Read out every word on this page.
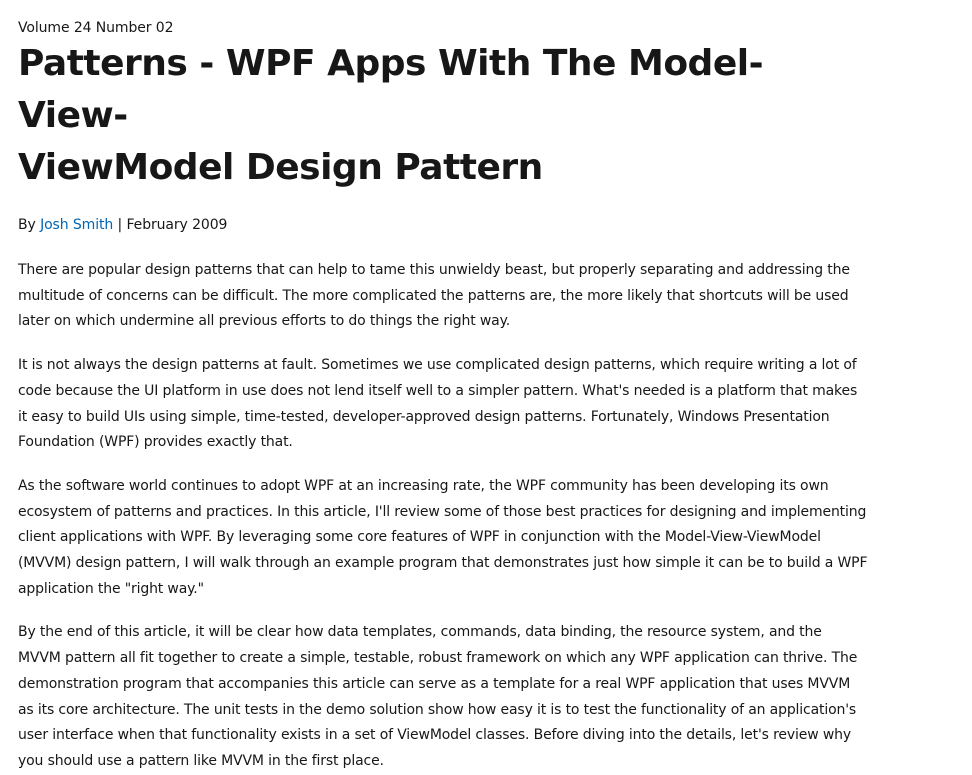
Volume 24 Number 02

Patterns - WPF Apps With The Model-View-
ViewModel Design Pattern

By Josh Smith | February 2009

There are popular design patterns that can help to tame this unwieldy beast, but properly separating and addressing the multitude of concerns can be difficult. The more complicated the patterns are, the more likely that shortcuts will be used later on which undermine all previous efforts to do things the right way.

It is not always the design patterns at fault. Sometimes we use complicated design patterns, which require writing a lot of code because the UI platform in use does not lend itself well to a simpler pattern. What's needed is a platform that makes it easy to build UIs using simple, time-tested, developer-approved design patterns. Fortunately, Windows Presentation Foundation (WPF) provides exactly that.

As the software world continues to adopt WPF at an increasing rate, the WPF community has been developing its own ecosystem of patterns and practices. In this article, I'll review some of those best practices for designing and implementing client applications with WPF. By leveraging some core features of WPF in conjunction with the Model-View-ViewModel (MVVM) design pattern, I will walk through an example program that demonstrates just how simple it can be to build a WPF application the "right way."

By the end of this article, it will be clear how data templates, commands, data binding, the resource system, and the MVVM pattern all fit together to create a simple, testable, robust framework on which any WPF application can thrive. The demonstration program that accompanies this article can serve as a template for a real WPF application that uses MVVM as its core architecture. The unit tests in the demo solution show how easy it is to test the functionality of an application's user interface when that functionality exists in a set of ViewModel classes. Before diving into the details, let's review why you should use a pattern like MVVM in the first place.
